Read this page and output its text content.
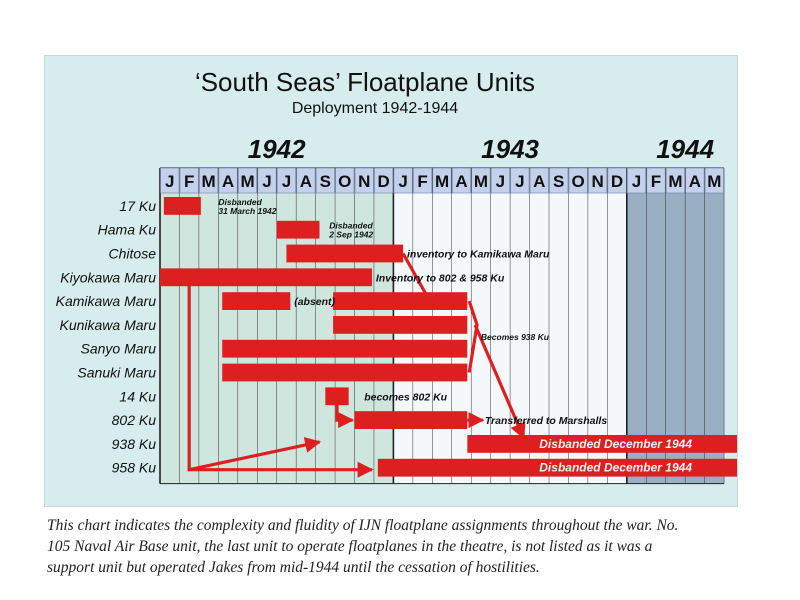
‘South Seas’ Floatplane Units
Deployment 1942-1944
1942	1943	1944
J F M A M J J A S O N D J F M A M J J A S O N D J F M A M
17 Ku
Hama Ku
Chitose
Kiyokawa Maru
Kamikawa Maru
Kunikawa Maru
Sanyo Maru
Sanuki Maru
14 Ku
802 Ku
938 Ku
958 Ku
Disbanded
31 March 1942
Disbanded
2 Sep 1942
inventory to Kamikawa Maru
Inventory to 802 & 958 Ku
(absent)
Becomes 938 Ku
becomes 802 Ku
Transferred to Marshalls
Disbanded December 1944
Disbanded December 1944
This chart indicates the complexity and fluidity of IJN floatplane assignments throughout the war. No.
105 Naval Air Base unit, the last unit to operate floatplanes in the theatre, is not listed as it was a
support unit but operated Jakes from mid-1944 until the cessation of hostilities.
